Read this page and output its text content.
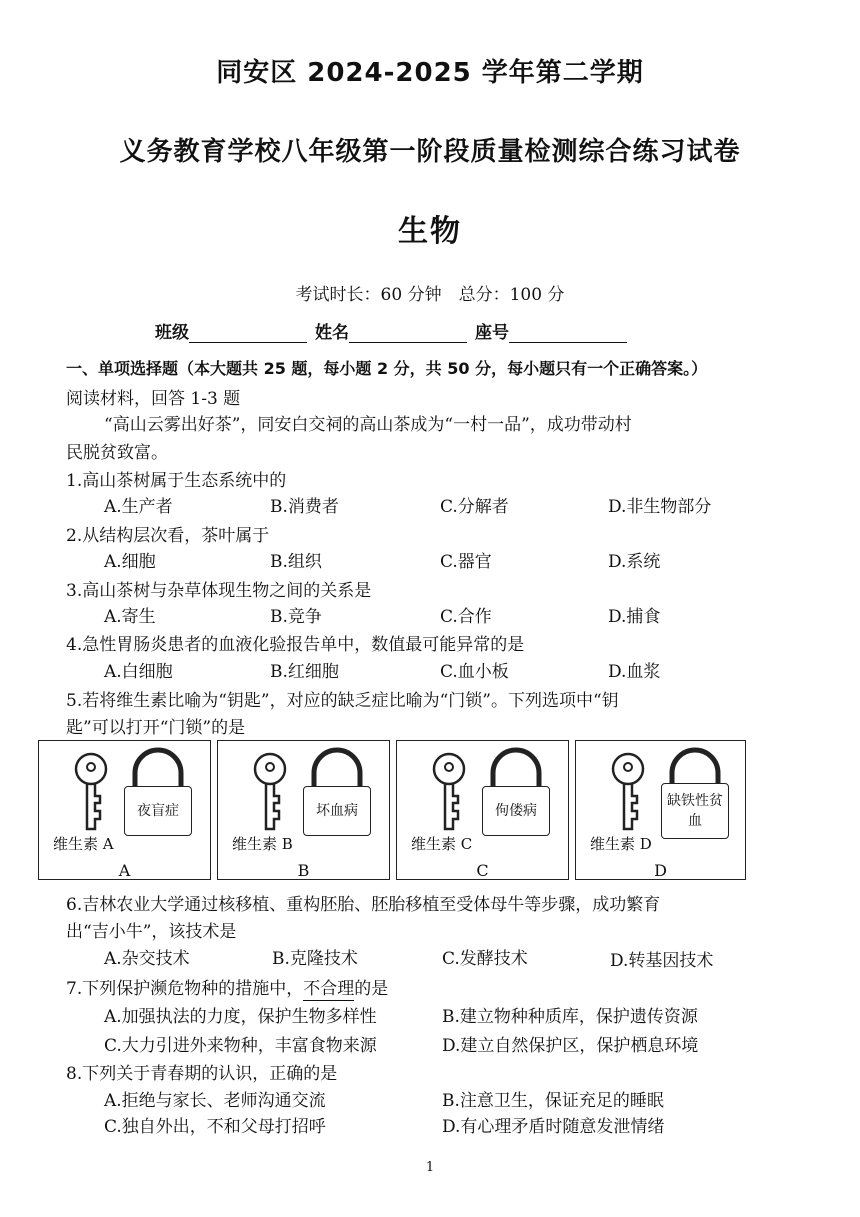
同安区 2024-2025 学年第二学期
义务教育学校八年级第一阶段质量检测综合练习试卷
生物
考试时长：60 分钟　总分：100 分
班级	姓名	座号
一、单项选择题（本大题共 25 题，每小题 2 分，共 50 分，每小题只有一个正确答案。）
阅读材料，回答 1-3 题
“高山云雾出好茶”，同安白交祠的高山茶成为“一村一品”，成功带动村
民脱贫致富。
1.高山茶树属于生态系统中的
A.生产者	B.消费者	C.分解者	D.非生物部分
2.从结构层次看，茶叶属于
A.细胞	B.组织	C.器官	D.系统
3.高山茶树与杂草体现生物之间的关系是
A.寄生	B.竞争	C.合作	D.捕食
4.急性胃肠炎患者的血液化验报告单中，数值最可能异常的是
A.白细胞	B.红细胞	C.血小板	D.血浆
5.若将维生素比喻为“钥匙”，对应的缺乏症比喻为“门锁”。下列选项中“钥
匙”可以打开“门锁”的是
夜盲症
维生素 A
A
坏血病
维生素 B
B
佝偻病
维生素 C
C
缺铁性贫血
维生素 D
D
6.吉林农业大学通过核移植、重构胚胎、胚胎移植至受体母牛等步骤，成功繁育
出“吉小牛”，该技术是
A.杂交技术	B.克隆技术	C.发酵技术	D.转基因技术
7.下列保护濒危物种的措施中，不合理的是
A.加强执法的力度，保护生物多样性	B.建立物种种质库，保护遗传资源
C.大力引进外来物种，丰富食物来源	D.建立自然保护区，保护栖息环境
8.下列关于青春期的认识，正确的是
A.拒绝与家长、老师沟通交流	B.注意卫生，保证充足的睡眠
C.独自外出，不和父母打招呼	D.有心理矛盾时随意发泄情绪
1
